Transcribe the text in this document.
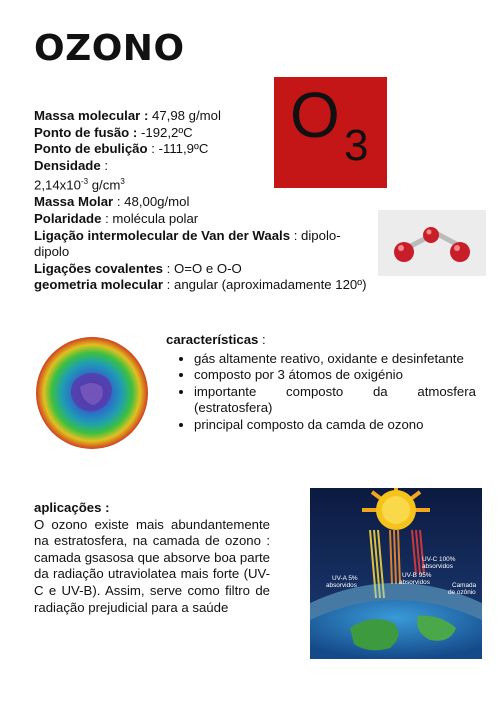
OZONO
Massa molecular : 47,98 g/mol
Ponto de fusão : -192,2ºC
Ponto de ebulição : -111,9ºC
Densidade :
$2,14x10^{-3}$ $g/cm^3$
Massa Molar : 48,00g/mol
Polaridade : molécula polar
Ligação intermolecular de Van der Waals : dipolo-dipolo
Ligações covalentes : O=O e O-O
geometria molecular : angular (aproximadamente 120º)
O 3
características :
• gás altamente reativo, oxidante e desinfetante
• composto por 3 átomos de oxigénio
• importante composto da atmosfera (estratosfera)
• principal composto da camda de ozono
aplicações :

O ozono existe mais abundantemente na estratosfera, na camada de ozono : camada gsasosa que absorve boa parte da radiação utraviolatea mais forte (UV-C e UV-B). Assim, serve como filtro de radiação prejudicial para a saúde

UV-C 100%
absorvidos
UV-B 95%
absorvidos
UV-A 5%
absorvidos	Camada
de ozônio
